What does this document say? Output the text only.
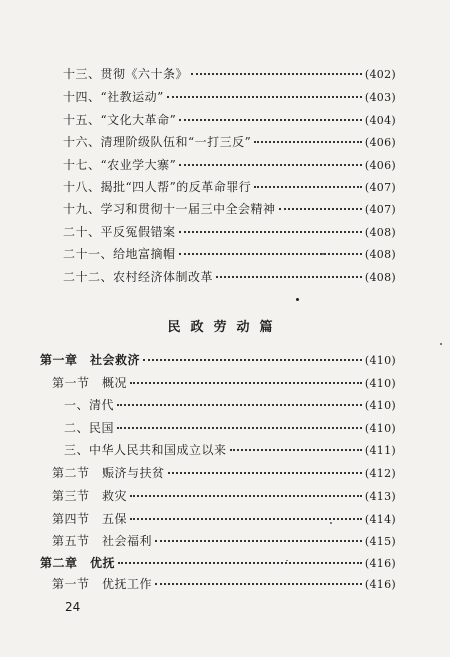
十三、贯彻《六十条》	(402)
十四、“社教运动”	(403)
十五、“文化大革命”	(404)
十六、清理阶级队伍和“一打三反”	(406)
十七、“农业学大寨”	(406)
十八、揭批“四人帮”的反革命罪行	(407)
十九、学习和贯彻十一届三中全会精神	(407)
二十、平反冤假错案	(408)
二十一、给地富摘帽	(408)
二十二、农村经济体制改革	(408)
民政劳动篇
第一章　社会救济	(410)
第一节　概况	(410)
一、清代	(410)
二、民国	(410)
三、中华人民共和国成立以来	(411)
第二节　赈济与扶贫	(412)
第三节　救灾	(413)
第四节　五保	(414)
第五节　社会福利	(415)
第二章　优抚	(416)
第一节　优抚工作	(416)
24
